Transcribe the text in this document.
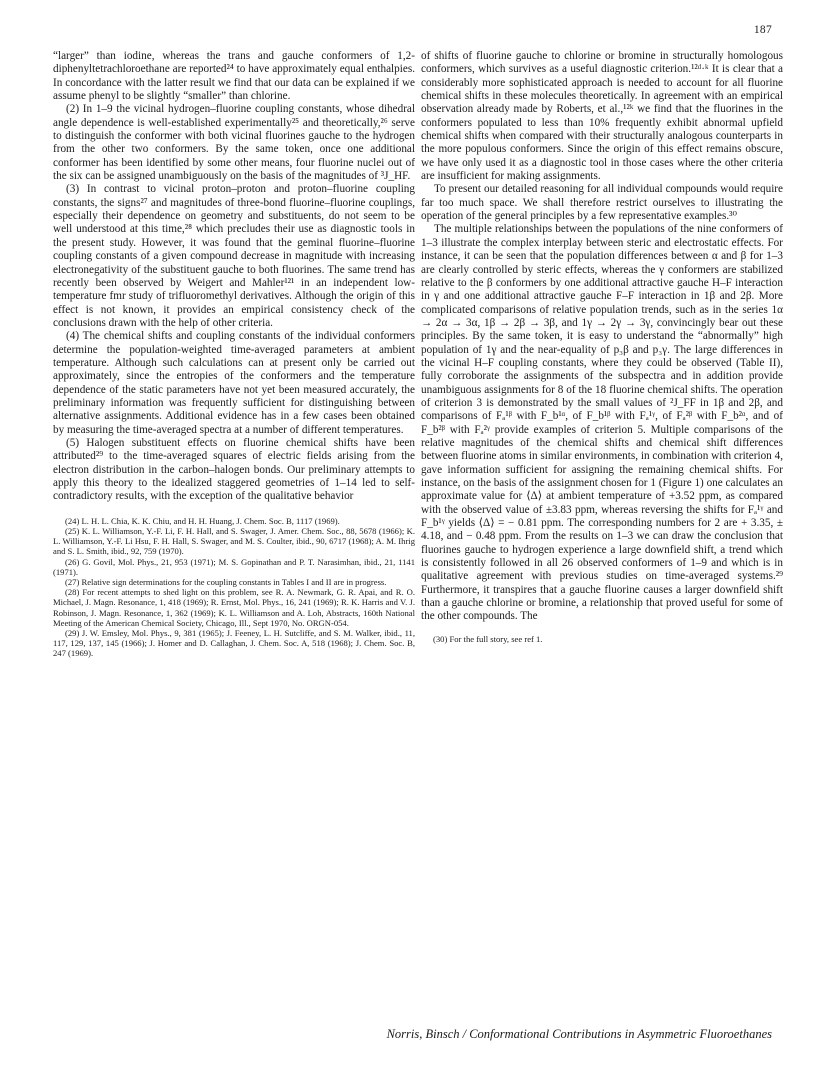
187

“larger” than iodine, whereas the trans and gauche conformers of 1,2-diphenyltetrachloroethane are reported²⁴ to have approximately equal enthalpies. In concordance with the latter result we find that our data can be explained if we assume phenyl to be slightly “smaller” than chlorine.

(2) In 1–9 the vicinal hydrogen–fluorine coupling constants, whose dihedral angle dependence is well-established experimentally²⁵ and theoretically,²⁶ serve to distinguish the conformer with both vicinal fluorines gauche to the hydrogen from the other two conformers. By the same token, once one additional conformer has been identified by some other means, four fluorine nuclei out of the six can be assigned unambiguously on the basis of the magnitudes of ³J_HF.

(3) In contrast to vicinal proton–proton and proton–fluorine coupling constants, the signs²⁷ and magnitudes of three-bond fluorine–fluorine couplings, especially their dependence on geometry and substituents, do not seem to be well understood at this time,²⁸ which precludes their use as diagnostic tools in the present study. However, it was found that the geminal fluorine–fluorine coupling constants of a given compound decrease in magnitude with increasing electronegativity of the substituent gauche to both fluorines. The same trend has recently been observed by Weigert and Mahler¹²¹ in an independent low-temperature fmr study of trifluoromethyl derivatives. Although the origin of this effect is not known, it provides an empirical consistency check of the conclusions drawn with the help of other criteria.

(4) The chemical shifts and coupling constants of the individual conformers determine the population-weighted time-averaged parameters at ambient temperature. Although such calculations can at present only be carried out approximately, since the entropies of the conformers and the temperature dependence of the static parameters have not yet been measured accurately, the preliminary information was frequently sufficient for distinguishing between alternative assignments. Additional evidence has in a few cases been obtained by measuring the time-averaged spectra at a number of different temperatures.

(5) Halogen substituent effects on fluorine chemical shifts have been attributed²⁹ to the time-averaged squares of electric fields arising from the electron distribution in the carbon–halogen bonds. Our preliminary attempts to apply this theory to the idealized staggered geometries of 1–14 led to self-contradictory results, with the exception of the qualitative behavior

(24) L. H. L. Chia, K. K. Chiu, and H. H. Huang, J. Chem. Soc. B, 1117 (1969).
(25) K. L. Williamson, Y.-F. Li, F. H. Hall, and S. Swager, J. Amer. Chem. Soc., 88, 5678 (1966); K. L. Williamson, Y.-F. Li Hsu, F. H. Hall, S. Swager, and M. S. Coulter, ibid., 90, 6717 (1968); A. M. Ihrig and S. L. Smith, ibid., 92, 759 (1970).
(26) G. Govil, Mol. Phys., 21, 953 (1971); M. S. Gopinathan and P. T. Narasimhan, ibid., 21, 1141 (1971).
(27) Relative sign determinations for the coupling constants in Tables I and II are in progress.
(28) For recent attempts to shed light on this problem, see R. A. Newmark, G. R. Apai, and R. O. Michael, J. Magn. Resonance, 1, 418 (1969); R. Ernst, Mol. Phys., 16, 241 (1969); R. K. Harris and V. J. Robinson, J. Magn. Resonance, 1, 362 (1969); K. L. Williamson and A. Loh, Abstracts, 160th National Meeting of the American Chemical Society, Chicago, Ill., Sept 1970, No. ORGN-054.
(29) J. W. Emsley, Mol. Phys., 9, 381 (1965); J. Feeney, L. H. Sutcliffe, and S. M. Walker, ibid., 11, 117, 129, 137, 145 (1966); J. Homer and D. Callaghan, J. Chem. Soc. A, 518 (1968); J. Chem. Soc. B, 247 (1969).

of shifts of fluorine gauche to chlorine or bromine in structurally homologous conformers, which survives as a useful diagnostic criterion.¹²ᵈ·ᵏ It is clear that a considerably more sophisticated approach is needed to account for all fluorine chemical shifts in these molecules theoretically. In agreement with an empirical observation already made by Roberts, et al.,¹²ᵏ we find that the fluorines in the conformers populated to less than 10% frequently exhibit abnormal upfield chemical shifts when compared with their structurally analogous counterparts in the more populous conformers. Since the origin of this effect remains obscure, we have only used it as a diagnostic tool in those cases where the other criteria are insufficient for making assignments.

To present our detailed reasoning for all individual compounds would require far too much space. We shall therefore restrict ourselves to illustrating the operation of the general principles by a few representative examples.³⁰

The multiple relationships between the populations of the nine conformers of 1–3 illustrate the complex interplay between steric and electrostatic effects. For instance, it can be seen that the population differences between α and β for 1–3 are clearly controlled by steric effects, whereas the γ conformers are stabilized relative to the β conformers by one additional attractive gauche H–F interaction in γ and one additional attractive gauche F–F interaction in 1β and 2β. More complicated comparisons of relative population trends, such as in the series 1α → 2α → 3α, 1β → 2β → 3β, and 1γ → 2γ → 3γ, convincingly bear out these principles. By the same token, it is easy to understand the “abnormally” high population of 1γ and the near-equality of p₃β and p₃γ. The large differences in the vicinal H–F coupling constants, where they could be observed (Table II), fully corroborate the assignments of the subspectra and in addition provide unambiguous assignments for 8 of the 18 fluorine chemical shifts. The operation of criterion 3 is demonstrated by the small values of ²J_FF in 1β and 2β, and comparisons of Fₐ¹ᵝ with F_b¹ᵅ, of F_b¹ᵝ with Fₐ¹ᵞ, of Fₐ²ᵝ with F_b²ᵅ, and of F_b²ᵝ with Fₐ²ᵞ provide examples of criterion 5. Multiple comparisons of the relative magnitudes of the chemical shifts and chemical shift differences between fluorine atoms in similar environments, in combination with criterion 4, gave information sufficient for assigning the remaining chemical shifts. For instance, on the basis of the assignment chosen for 1 (Figure 1) one calculates an approximate value for ⟨Δ⟩ at ambient temperature of +3.52 ppm, as compared with the observed value of ±3.83 ppm, whereas reversing the shifts for Fₐ¹ᵞ and F_b¹ᵞ yields ⟨Δ⟩ = − 0.81 ppm. The corresponding numbers for 2 are + 3.35, ± 4.18, and − 0.48 ppm. From the results on 1–3 we can draw the conclusion that fluorines gauche to hydrogen experience a large downfield shift, a trend which is consistently followed in all 26 observed conformers of 1–9 and which is in qualitative agreement with previous studies on time-averaged systems.²⁹ Furthermore, it transpires that a gauche fluorine causes a larger downfield shift than a gauche chlorine or bromine, a relationship that proved useful for some of the other compounds. The

(30) For the full story, see ref 1.
Norris, Binsch / Conformational Contributions in Asymmetric Fluoroethanes
